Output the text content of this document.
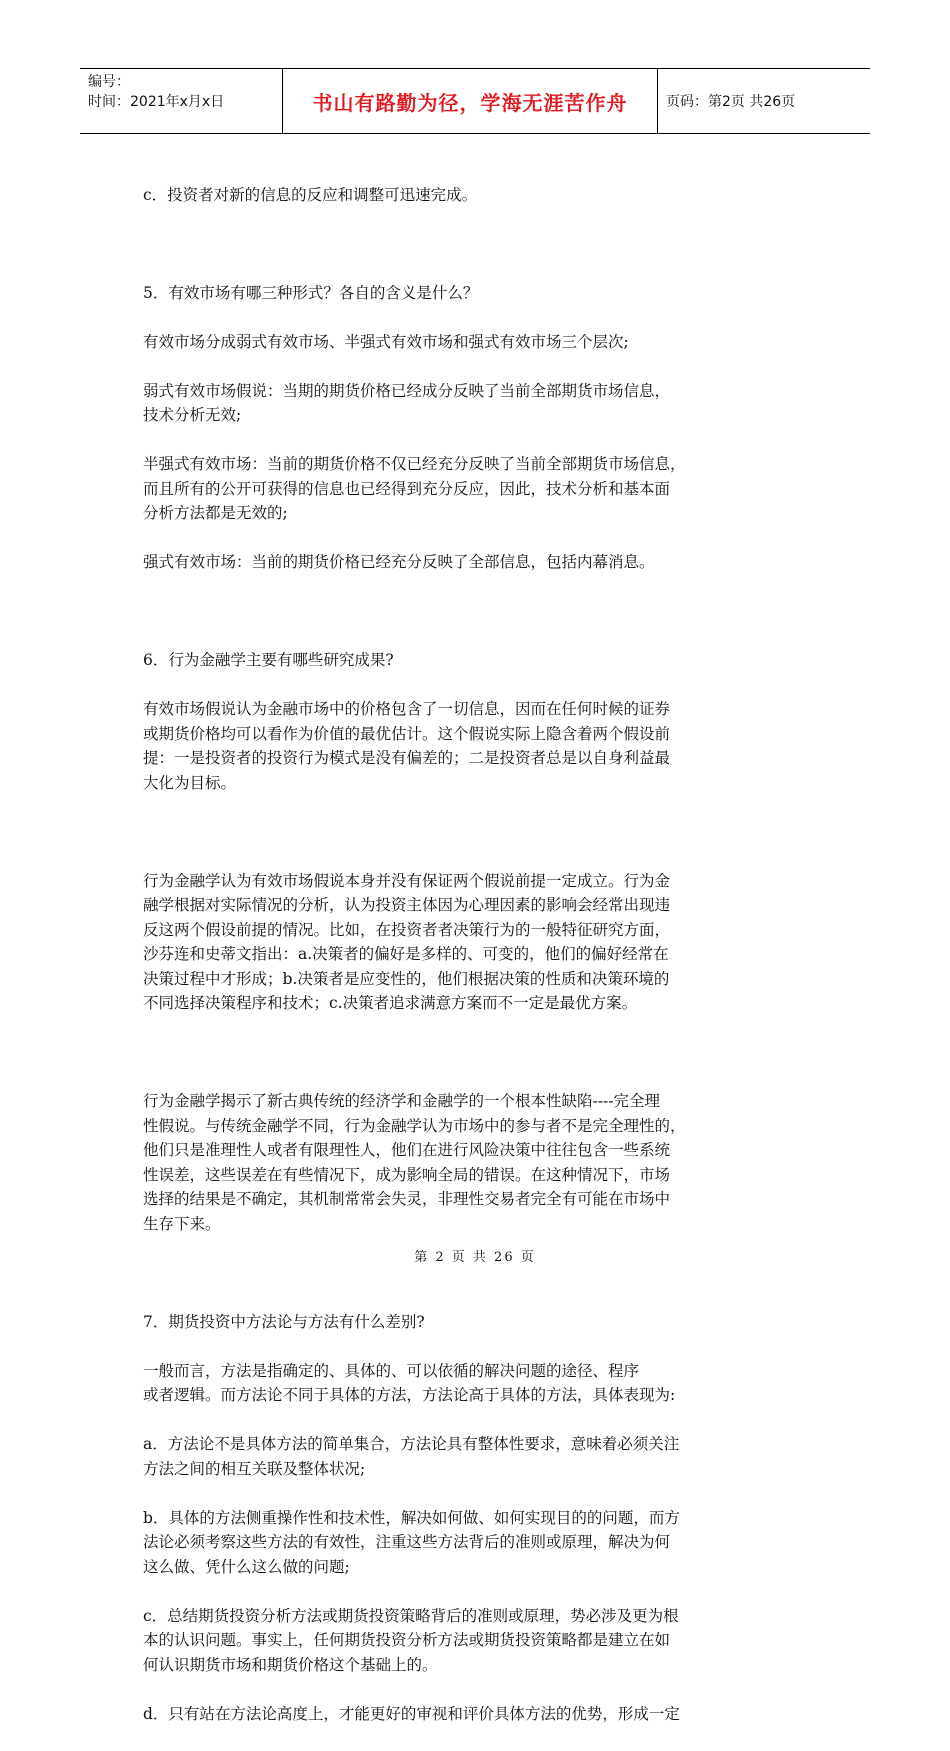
编号：
时间：2021年x月x日	书山有路勤为径，学海无涯苦作舟	页码：第2页 共26页

c．投资者对新的信息的反应和调整可迅速完成。

5．有效市场有哪三种形式？各自的含义是什么？

有效市场分成弱式有效市场、半强式有效市场和强式有效市场三个层次;

弱式有效市场假说：当期的期货价格已经成分反映了当前全部期货市场信息，
技术分析无效;

半强式有效市场：当前的期货价格不仅已经充分反映了当前全部期货市场信息，
而且所有的公开可获得的信息也已经得到充分反应，因此，技术分析和基本面
分析方法都是无效的;

强式有效市场：当前的期货价格已经充分反映了全部信息，包括内幕消息。

6．行为金融学主要有哪些研究成果?

有效市场假说认为金融市场中的价格包含了一切信息，因而在任何时候的证券
或期货价格均可以看作为价值的最优估计。这个假说实际上隐含着两个假设前
提：一是投资者的投资行为模式是没有偏差的；二是投资者总是以自身利益最
大化为目标。

行为金融学认为有效市场假说本身并没有保证两个假说前提一定成立。行为金
融学根据对实际情况的分析，认为投资主体因为心理因素的影响会经常出现违
反这两个假设前提的情况。比如，在投资者者决策行为的一般特征研究方面，
沙芬连和史蒂文指出：a.决策者的偏好是多样的、可变的，他们的偏好经常在
决策过程中才形成；b.决策者是应变性的，他们根据决策的性质和决策环境的
不同选择决策程序和技术；c.决策者追求满意方案而不一定是最优方案。

行为金融学揭示了新古典传统的经济学和金融学的一个根本性缺陷----完全理
性假说。与传统金融学不同，行为金融学认为市场中的参与者不是完全理性的，
他们只是准理性人或者有限理性人，他们在进行风险决策中往往包含一些系统
性误差，这些误差在有些情况下，成为影响全局的错误。在这种情况下，市场
选择的结果是不确定，其机制常常会失灵，非理性交易者完全有可能在市场中
生存下来。

7．期货投资中方法论与方法有什么差别?

一般而言，方法是指确定的、具体的、可以依循的解决问题的途径、程序
或者逻辑。而方法论不同于具体的方法，方法论高于具体的方法，具体表现为:

a．方法论不是具体方法的简单集合，方法论具有整体性要求，意味着必须关注
方法之间的相互关联及整体状况;

b．具体的方法侧重操作性和技术性，解决如何做、如何实现目的的问题，而方
法论必须考察这些方法的有效性，注重这些方法背后的准则或原理，解决为何
这么做、凭什么这么做的问题;

c．总结期货投资分析方法或期货投资策略背后的准则或原理，势必涉及更为根
本的认识问题。事实上，任何期货投资分析方法或期货投资策略都是建立在如
何认识期货市场和期货价格这个基础上的。

d．只有站在方法论高度上，才能更好的审视和评价具体方法的优势，形成一定

第 2 页 共 26 页
